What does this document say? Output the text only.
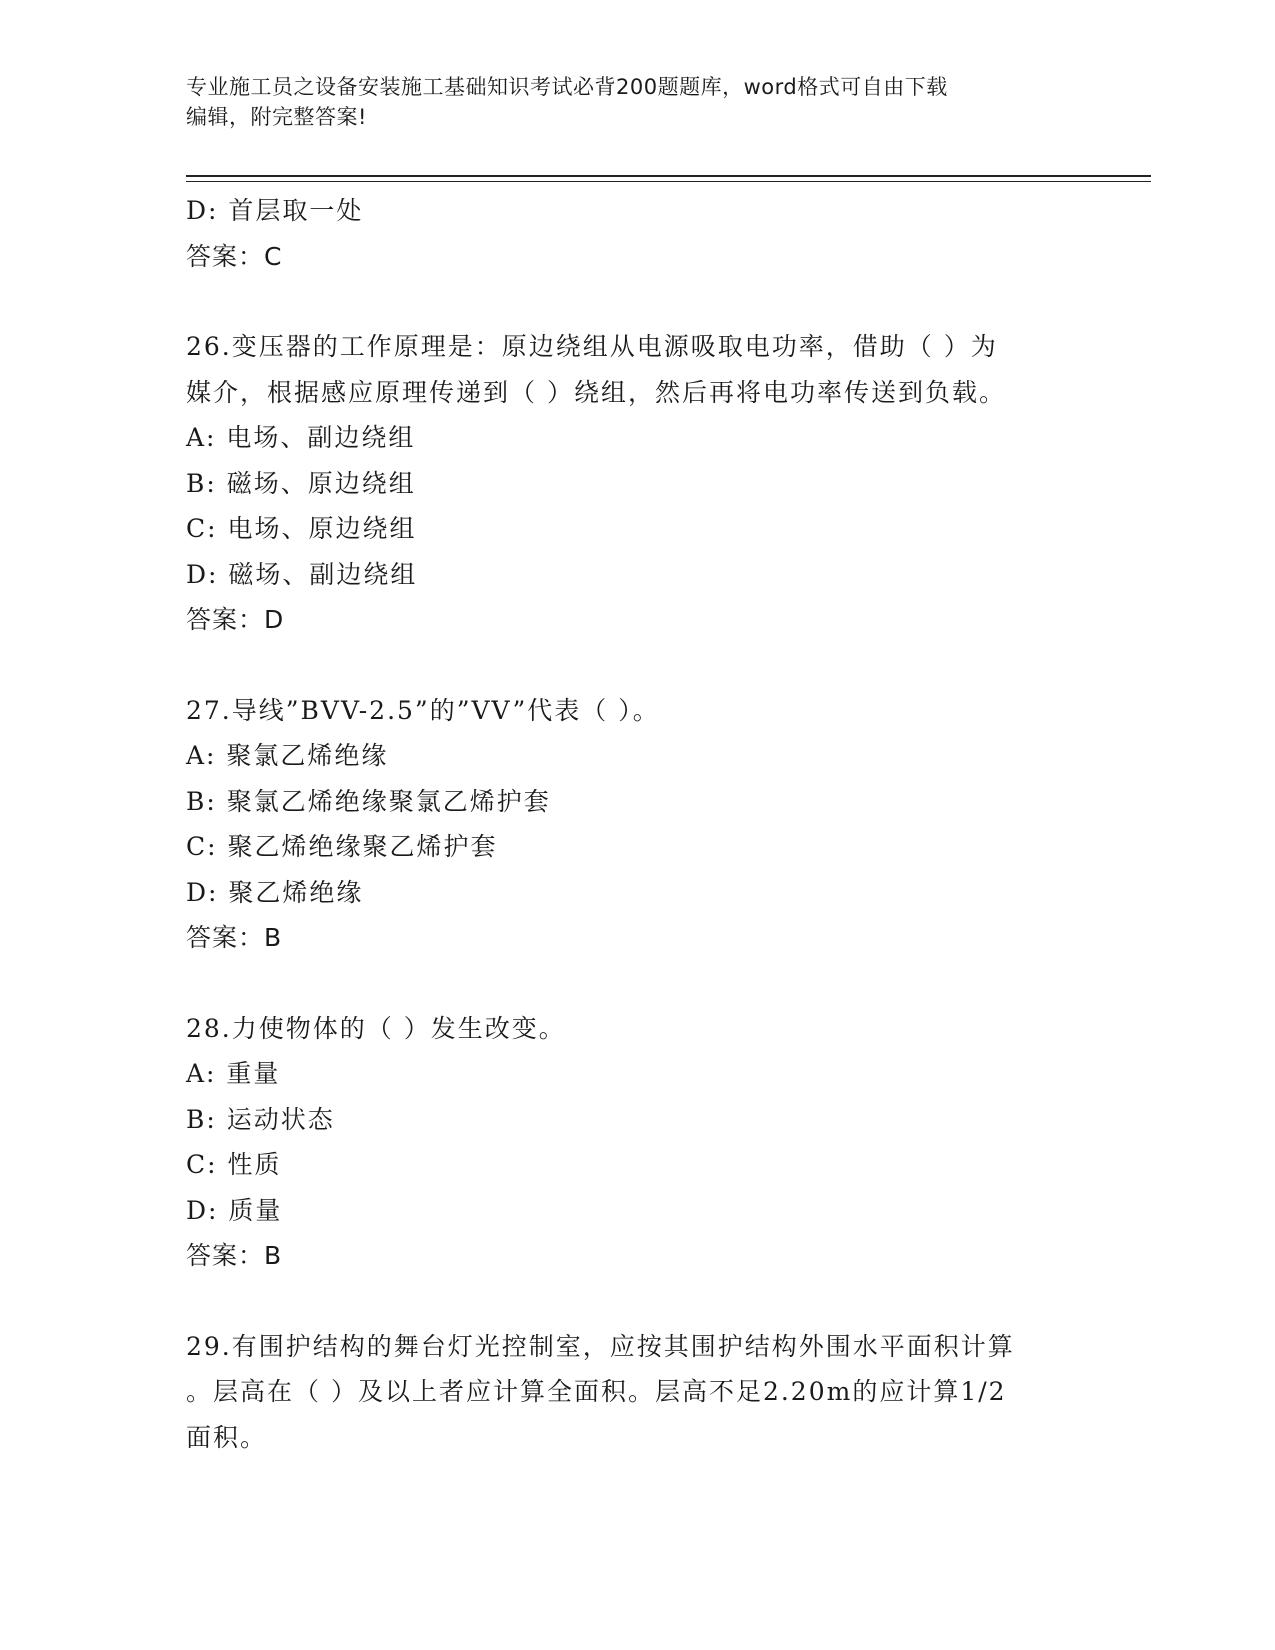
专业施工员之设备安装施工基础知识考试必背200题题库，word格式可自由下载
编辑，附完整答案!
D: 首层取一处
答案：C
26.变压器的工作原理是：原边绕组从电源吸取电功率，借助（ ）为
媒介，根据感应原理传递到（ ）绕组，然后再将电功率传送到负载。
A: 电场、副边绕组
B: 磁场、原边绕组
C: 电场、原边绕组
D: 磁场、副边绕组
答案：D
27.导线”BVV-2.5”的”VV”代表（ ）。
A: 聚氯乙烯绝缘
B: 聚氯乙烯绝缘聚氯乙烯护套
C: 聚乙烯绝缘聚乙烯护套
D: 聚乙烯绝缘
答案：B
28.力使物体的（ ）发生改变。
A: 重量
B: 运动状态
C: 性质
D: 质量
答案：B
29.有围护结构的舞台灯光控制室，应按其围护结构外围水平面积计算
。层高在（ ）及以上者应计算全面积。层高不足2.20m的应计算1/2
面积。
